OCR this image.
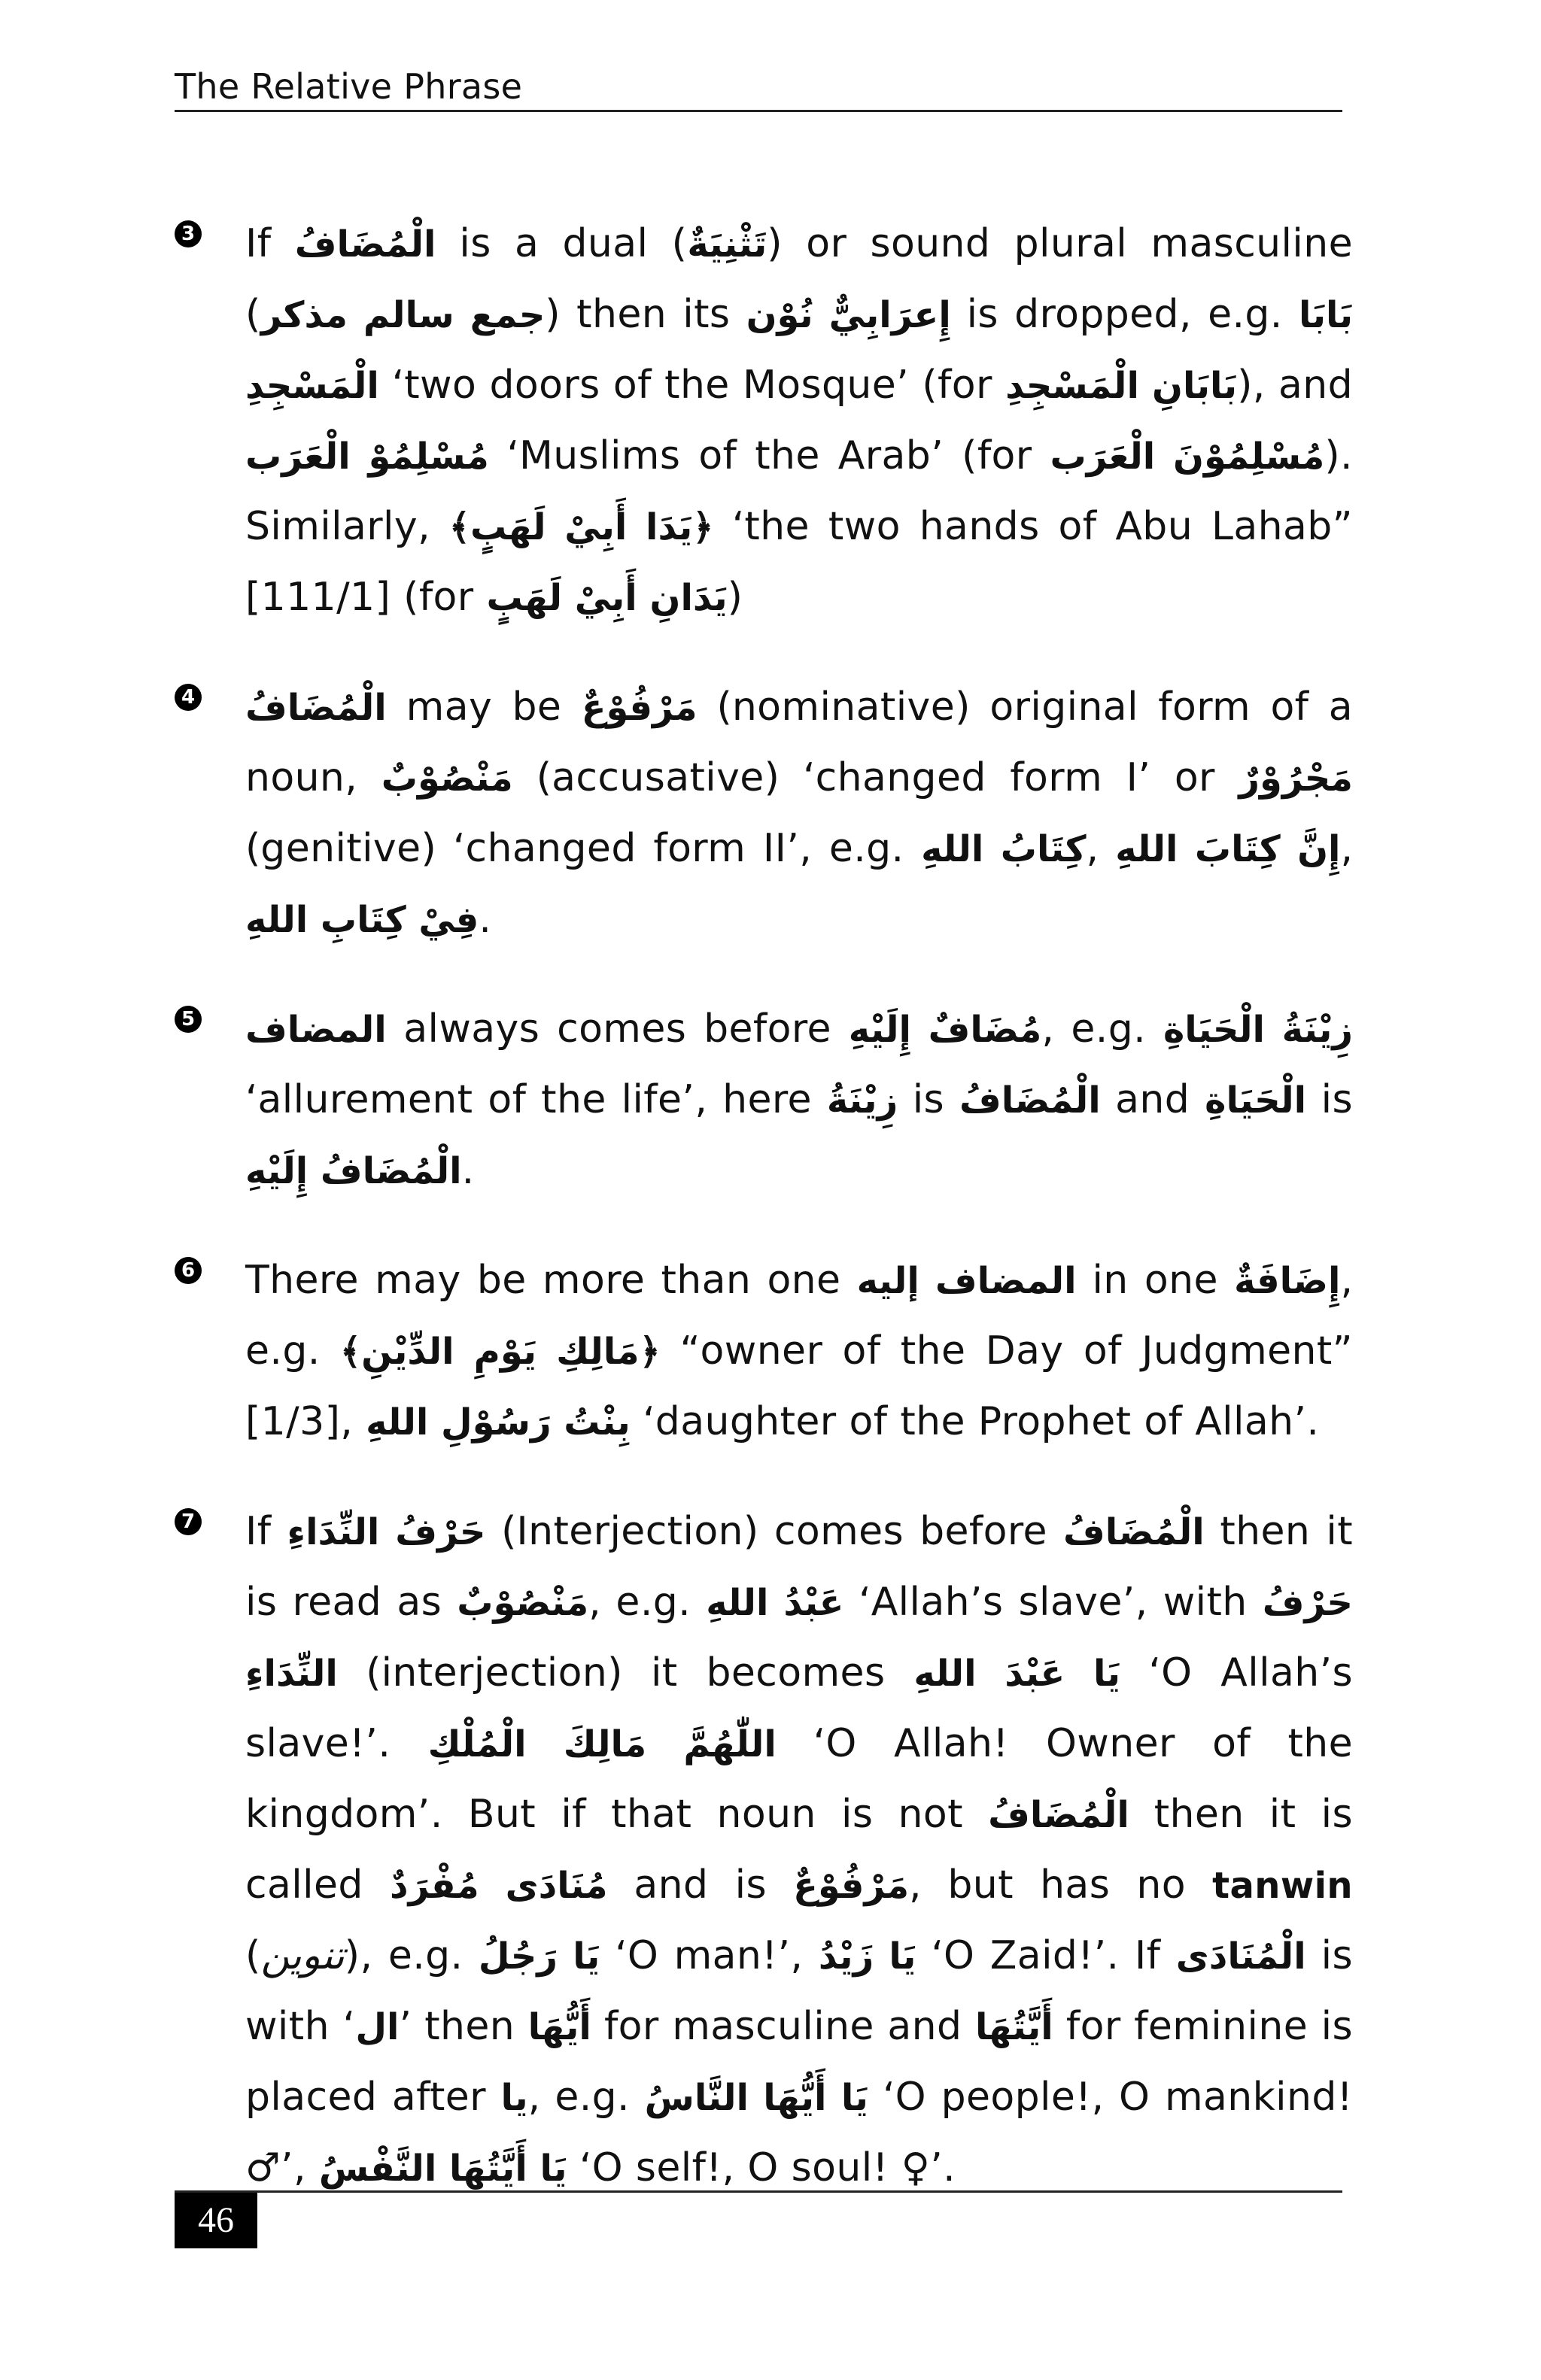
The Relative Phrase
3 If الْمُضَافُ is a dual (تَثْنِيَةٌ) or sound plural masculine (جمع سالم مذكر) then its إِعرَابِيٌّ نُوْن is dropped, e.g. بَابَا الْمَسْجِدِ ‘two doors of the Mosque’ (for بَابَانِ الْمَسْجِدِ), and مُسْلِمُوْ الْعَرَب ‘Muslims of the Arab’ (for مُسْلِمُوْنَ الْعَرَب). Similarly, ﴿يَدَا أَبِيْ لَهَبٍ﴾ ‘the two hands of Abu Lahab” [111/1] (for يَدَانِ أَبِيْ لَهَبٍ)

4 الْمُضَافُ may be مَرْفُوْعٌ (nominative) original form of a noun, مَنْصُوْبٌ (accusative) ‘changed form I’ or مَجْرُوْرٌ (genitive) ‘changed form II’, e.g. كِتَابُ اللهِ, إِنَّ كِتَابَ اللهِ, فِيْ كِتَابِ اللهِ.

5 المضاف always comes before مُضَافٌ إِلَيْهِ, e.g. زِيْنَةُ الْحَيَاةِ ‘allurement of the life’, here زِيْنَةُ is الْمُضَافُ and الْحَيَاةِ is الْمُضَافُ إِلَيْهِ.

6 There may be more than one المضاف إليه in one إِضَافَةٌ, e.g. ﴿مَالِكِ يَوْمِ الدِّيْنِ﴾ “owner of the Day of Judgment” [1/3], بِنْتُ رَسُوْلِ اللهِ ‘daughter of the Prophet of Allah’.

7 If حَرْفُ النِّدَاءِ (Interjection) comes before الْمُضَافُ then it is read as مَنْصُوْبٌ, e.g. عَبْدُ اللهِ ‘Allah’s slave’, with حَرْفُ النِّدَاءِ (interjection) it becomes يَا عَبْدَ اللهِ ‘O Allah’s slave!’. اللّٰهُمَّ مَالِكَ الْمُلْكِ ‘O Allah! Owner of the kingdom’. But if that noun is not الْمُضَافُ then it is called مُنَادَى مُفْرَدٌ and is مَرْفُوْعٌ, but has no tanwin (تنوين), e.g. يَا رَجُلُ ‘O man!’, يَا زَيْدُ ‘O Zaid!’. If الْمُنَادَى is with ‘ال’ then أَيُّهَا for masculine and أَيَّتُهَا for feminine is placed after يا, e.g. يَا أَيُّهَا النَّاسُ ‘O people!, O mankind! ♂’, يَا أَيَّتُهَا النَّفْسُ ‘O self!, O soul! ♀’.

46
